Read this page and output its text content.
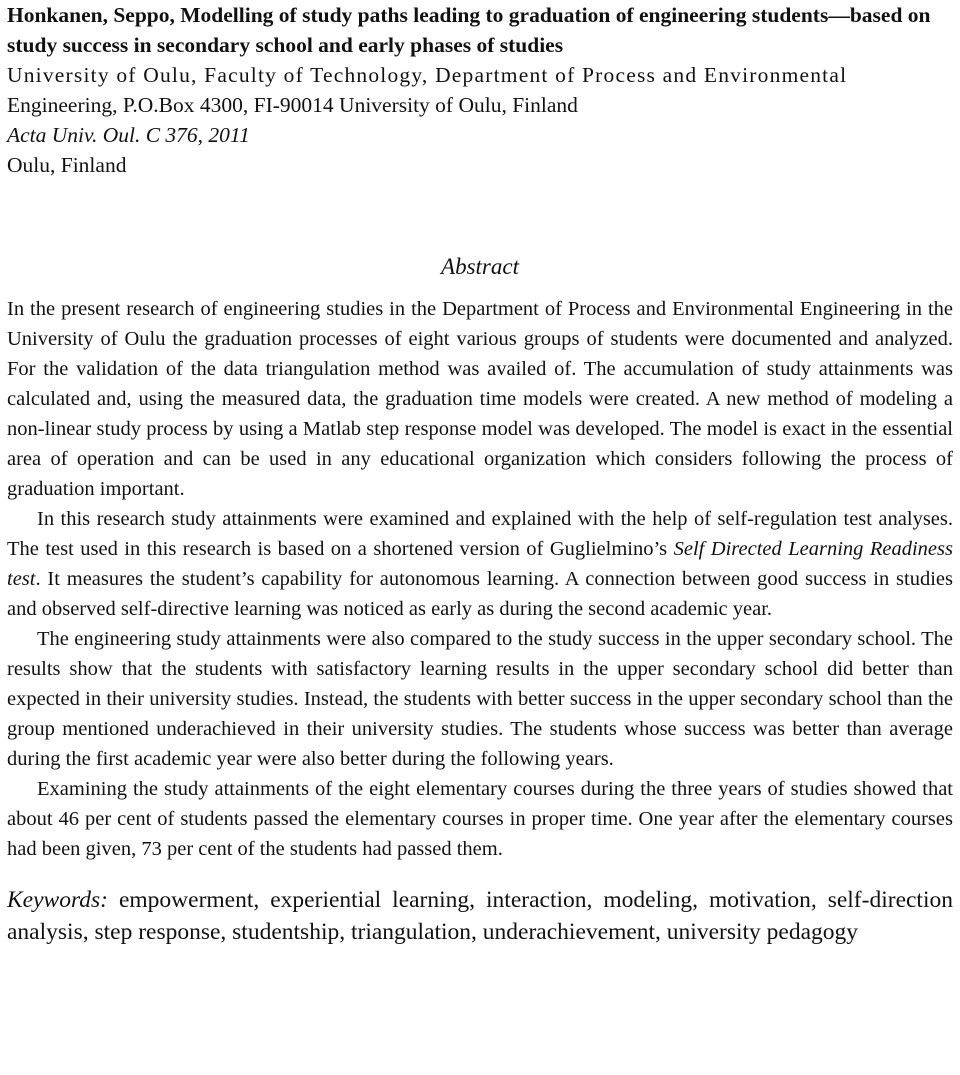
Honkanen, Seppo, Modelling of study paths leading to graduation of engineering students—based on study success in secondary school and early phases of studies

University of Oulu, Faculty of Technology, Department of Process and Environmental

Engineering, P.O.Box 4300, FI-90014 University of Oulu, Finland

Acta Univ. Oul. C 376, 2011

Oulu, Finland

Abstract

In the present research of engineering studies in the Department of Process and Environmental Engineering in the University of Oulu the graduation processes of eight various groups of students were documented and analyzed. For the validation of the data triangulation method was availed of. The accumulation of study attainments was calculated and, using the measured data, the graduation time models were created. A new method of modeling a non-linear study process by using a Matlab step response model was developed. The model is exact in the essential area of operation and can be used in any educational organization which considers following the process of graduation important.

In this research study attainments were examined and explained with the help of self-regulation test analyses. The test used in this research is based on a shortened version of Guglielmino’s Self Directed Learning Readiness test. It measures the student’s capability for autonomous learning. A connection between good success in studies and observed self-directive learning was noticed as early as during the second academic year.

The engineering study attainments were also compared to the study success in the upper secondary school. The results show that the students with satisfactory learning results in the upper secondary school did better than expected in their university studies. Instead, the students with better success in the upper secondary school than the group mentioned underachieved in their university studies. The students whose success was better than average during the first academic year were also better during the following years.

Examining the study attainments of the eight elementary courses during the three years of studies showed that about 46 per cent of students passed the elementary courses in proper time. One year after the elementary courses had been given, 73 per cent of the students had passed them.

Keywords: empowerment, experiential learning, interaction, modeling, motivation, self-direction analysis, step response, studentship, triangulation, underachievement, university pedagogy
